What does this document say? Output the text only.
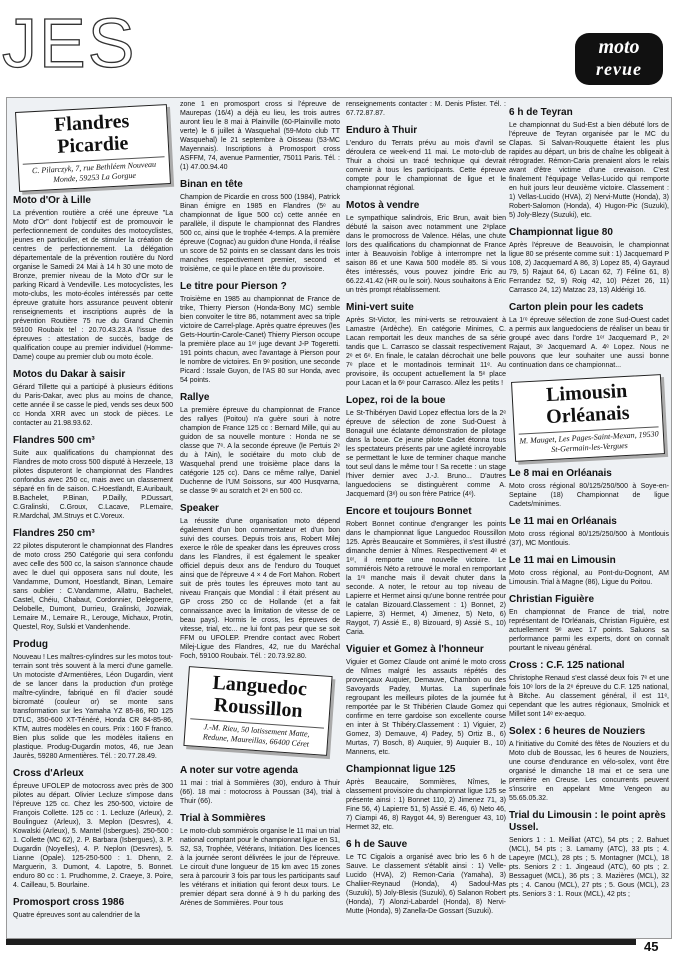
JES	moto
revue
Flandres
Picardie
C. Pilarczyk, 7, rue Bethléem Nouveau Monde, 59253 La Gorgue
Moto d'Or à Lille
La prévention routière a créé une épreuve "La Moto d'Or" dont l'objectif est de promouvoir le perfectionnement de conduites des motocyclistes, jeunes en particulier, et de stimuler la création de centres de perfectionnement. La délégation départementale de la prévention routière du Nord organise le Samedi 24 Mai à 14 h 30 une moto de Bronze, premier niveau de la Moto d'Or sur le parking Ricard à Vendeville. Les motocyclistes, les moto-clubs, les moto-écoles intéressés par cette épreuve gratuite hors assurance peuvent obtenir renseignements et inscriptions auprès de la prévention Routière 75 rue du Grand Chemin 59100 Roubaix tel : 20.70.43.23.A l'issue des épreuves : attestation de succès, badge de qualification coupe au premier individuel (Homme-Dame) coupe au premier club ou moto école.
Motos du Dakar à saisir
Gérard Tillette qui a participé à plusieurs éditions du Paris-Dakar, avec plus au moins de chance, cette année il se casse le pied, vends ses deux 500 cc Honda XRR avec un stock de pièces. Le contacter au 21.98.93.62.
Flandres 500 cm³
Suite aux qualifications du championnat des Flandres de moto cross 500 disputé à Herzeele, 13 pilotes disputeront le championnat des Flandres confondus avec 250 cc, mais avec un classement séparé en fin de saison. C.Hoestlandt, E.Auribault, B.Bachelet, P.Binan, P.Dailly, P.Dussart, C.Gralinski, C.Groux, C.Lacave, P.Lemaire, R.Mardchal, JM.Struys et C.Voreux.
Flandres 250 cm³
22 pilotes disputeront le championnat des Flandres de moto cross 250 Catégorie qui sera confondu avec celle des 500 cc, la saison s'annonce chaude avec le duel qui opposera sans nul doute, les Vandamme, Dumont, Hoestlandt, Binan, Lemaire sans oublier : C.Vandamme, Allatru, Bachelet, Castel, Chéiu, Chabaut, Cordonnier, Delegoerre, Delobelle, Dumont, Durrieu, Gralinski, Jozwiak, Lemaire M., Lemaire R., Lerouge, Michaux, Protin, Questel, Roy, Sulski et Vandenhende.
Produg
Nouveau ! Les maîtres-cylindres sur les motos tout-terrain sont très souvent à la merci d'une gamelle. Un motociste d'Armentières, Léon Dugardin, vient de se lancer dans la production d'un protège maître-cylindre, fabriqué en fil d'acier soudé bicromaté (couleur or) se monte sans transformation sur les Yamaha YZ 85-86, RD 125 DTLC, 350-600 XT-Ténéré, Honda CR 84-85-86, KTM, autres modèles en cours. Prix : 160 F franco. Bien plus solide que les modèles italiens en plastique. Produg-Dugardin motos, 46, rue Jean Jaurès, 59280 Armentières. Tél. : 20.77.28.49.
Cross d'Arleux
Épreuve UFOLEP de motocross avec près de 300 pilotes au départ. Olivier Lecluze s'impose dans l'épreuve 125 cc. Chez les 250-500, victoire de François Collette. 125 cc : 1. Lecluze (Arleux), 2. Boulinguez (Arleux), 3. Meplon (Desvres), 4. Kowalski (Arleux), 5. Mantel (Isbergues). 250-500 : 1. Collette (MC 62), 2. P. Barbara (Isbergues), 3. P. Dugardin (Noyelles), 4. P. Neplon (Desvres), 5. Lianne (Opale). 125-250-500 : 1. Dhenn, 2. Marguerin, 3. Dumont, 4. Lapotre, 5. Bonnet. enduro 80 cc : 1. Prudhomme, 2. Craeye, 3. Poire, 4. Cailleau, 5. Bourlaine.
Promosport cross 1986
Quatre épreuves sont au calendrier de la
zone 1 en promosport cross si l'épreuve de Maurepas (16/4) a déjà eu lieu, les trois autres auront lieu le 8 mai à Plainville (60-Plainville moto verte) le 6 juillet à Wasquehal (59-Moto club TT Wasquehal) le 21 septembre à Oisseau (53-MC Mayennais). Inscriptions à Promosport cross ASFFM, 74, avenue Parmentier, 75011 Paris. Tél. : (1) 47.00.94.40
Binan en tête
Champion de Picardie en cross 500 (1984), Patrick Binan émigre en 1985 en Flandres (5ᵉ au championnat de ligue 500 cc) cette année en parallèle, il dispute le championnat des Flandres 500 cc, ainsi que le trophée 4-temps. A la première épreuve (Cognac) au guidon d'une Honda, il réalise un score de 52 points en se classant dans les trois manches respectivement premier, second et troisième, ce qui le place en tête du provisoire.
Le titre pour Pierson ?
Troisième en 1985 au championnat de France de trike, Thierry Pierson (Honda-Bony MC) semble bien convoiter le titre 86, notamment avec sa triple victoire de Carrel-plage. Après quatre épreuves (les Gets-Hourtin-Carole-Canet) Thierry Pierson occupe la première place au 1ᵉʳ juge devant J-P Togeretti. 191 points chacun, avec l'avantage à Pierson pour le nombre de victoires. En 9ᵉ position, une seconde Picard : Issale Guyon, de l'AS 80 sur Honda, avec 54 points.
Rallye
La première épreuve du championnat de France des rallyes (Poitou) n'a guère souri à notre champion de France 125 cc : Bernard Mille, qui au guidon de sa nouvelle monture : Honda ne se classe que 7ᵉ. A la seconde épreuve (le Pertuis 2ᵉ du à l'Ain), le sociétaire du moto club de Wasquehal prend une troisième place dans la catégorie 125 cc). Dans ce même rallye, Daniel Duchenne de l'UM Soissons, sur 400 Husqvarna, se classe 9ᵉ au scratch et 2ᵉ en 500 cc.
Speaker
La réussite d'une organisation moto dépend également d'un bon commentateur et d'un bon suivi des courses. Depuis trois ans, Robert Milej exerce le rôle de speaker dans les épreuves cross dans les Flandres, il est également le speaker officiel depuis deux ans de l'enduro du Touquet ainsi que de l'épreuve 4 × 4 de Fort Mahon. Robert suit de près toutes les épreuves moto tant au niveau Français que Mondial : il était présent au GP cross 250 cc de Hollande (et a fait connaissance avec la limitation de vitesse de ce beau pays). Hormis le cross, les épreuves de vitesse, trial, etc... ne lui font pas peur que se soit FFM ou UFOLEP. Prendre contact avec Robert Milej-Ligue des Flandres, 42, rue du Maréchal Foch, 59100 Roubaix. Tél. : 20.73.92.80.
Languedoc
Roussillon
J.-M. Rieu, 50 lotissement Matte, Redune, Maureillas, 66400 Céret
A noter sur votre agenda
11 mai : trial à Sommières (30), enduro à Thuir (66). 18 mai : motocross à Poussan (34), trial à Thuir (66).
Trial à Sommières
Le moto-club sommiérois organise le 11 mai un trial national comptant pour le championnat ligue en S1, S2, S3, Trophée, Vétérans, Initiation. Des licences à la journée seront délivrées le jour de l'épreuve. Le circuit d'une longueur de 15 km avec 15 zones sera à parcourir 3 fois par tous les participants sauf les vétérans et initiation qui feront deux tours. Le premier départ sera donné à 9 h du parking des Arènes de Sommières. Pour tous
renseignements contacter : M. Denis Pfister. Tél. : 67.72.87.87.
Enduro à Thuir
L'enduro du Terrats prévu au mois d'avril se déroulera ce week-end 11 mai. Le moto-club de Thuir a choisi un tracé technique qui devrait convenir à tous les participants. Cette épreuve compte pour le championnat de ligue et le championnat régional.
Motos à vendre
Le sympathique salindrois, Eric Brun, avait bien débuté la saison avec notamment une 2ᵉplace dans le promocross de Valence. Hélas, une chute lors des qualifications du championnat de France inter à Beauvoisin l'oblige à interrompre net la saison 86 et une Kawa 500 modèle 85. Si vous êtes intéressés, vous pouvez joindre Eric au 66.22.41.42 (HR ou le soir). Nous souhaitons à Eric un très prompt rétablissement.
Mini-vert suite
Après St-Victor, les mini-verts se retrouvaient à Lamastre (Ardèche). En catégorie Minimes, C. Lacan remportait les deux manches de sa série tandis que L. Carrasco se classait respectivement 2ᵉ et 6ᵉ. En finale, le catalan décrochait une belle 7ᵉ place et le montadinois terminait 11ᵉ. Au provisoire, ils occupent actuellement la 5ᵉ place pour Lacan et la 6ᵉ pour Carrasco. Allez les petits !
Lopez, roi de la boue
Le St-Thibéryen David Lopez effectua lors de la 2ᵉ épreuve de sélection de zone Sud-Ouest à Bonaguil une éclatante démonstration de pilotage dans la boue. Ce jeune pilote Cadet étonna tous les spectateurs présents par une agileté incroyable se permettant le luxe de terminer chaque manche tout seul dans le même tour ! Sa recette : un stage l'hiver dernier avec J.-J. Bruno... D'autres languedociens se distinguèrent comme A. Jacquemard (3ᵉ) ou son frère Patrice (4ᵉ).
Encore et toujours Bonnet
Robert Bonnet continue d'engranger les points dans le championnat ligue Languedoc Roussillon 125. Après Beaucaire et Sommières, il s'est illustré dimanche dernier à Nîmes. Respectivement 4ᵉ et 1ᵉʳ, il remporte une nouvelle victoire. Le sommiérois Néto a retrouvé le moral en remportant la 1ʳᵉ manche mais il devait chuter dans la seconde. A noter, le retour au top niveau de Lapierre et Hermet ainsi qu'une bonne rentrée pour le catalan Bizouard.Classement : 1) Bonnet, 2) Lapierre, 3) Hermet, 4) Jimenez, 5) Neto, 6) Raygot, 7) Assié E., 8) Bizouard, 9) Assié S., 10) Caria.
Viguier et Gomez à l'honneur
Viguier et Gomez Claude ont animé le moto cross de Nîmes malgré les assauts répétés des provençaux Auquier, Demauve, Chambon ou des Savoyards Padey, Murtas. La superfinale regroupant les meilleurs pilotes de la journée fut remportée par le St Thibérien Claude Gomez qui confirme en terre gardoise son excellente course en inter à St Thibéry.Classement : 1) Viguier, 2) Gomez, 3) Demauve, 4) Padey, 5) Ortiz B., 6) Murtas, 7) Bosch, 8) Auquier, 9) Auquier B., 10) Mannens, etc.
Championnat ligue 125
Après Beaucaire, Sommières, Nîmes, le classement provisoire du championnat ligue 125 se présente ainsi : 1) Bonnet 110, 2) Jimenez 71, 3) Fine 56, 4) Lapierre 51, 5) Assié E. 46, 6) Neto 46, 7) Ciampi 46, 8) Raygot 44, 9) Berenguer 43, 10) Hermet 32, etc.
6 h de Sauve
Le TC Cigalois a organisé avec brio les 6 h de Sauve. Le classement s'établit ainsi : 1) Velle-Lucido (HVA), 2) Remon-Caria (Yamaha), 3) Chaliier-Reynaud (Honda), 4) Sadoul-Mas (Suzuki), 5) Joly-Blesis (Suzuki), 6) Salanon Robert (Honda), 7) Alonzi-Labardel (Honda), 8) Nervi-Mutte (Honda), 9) Zanella-De Gossart (Suzuki).
6 h de Teyran
Le championnat du Sud-Est a bien débuté lors de l'épreuve de Teyran organisée par le MC du Clapas. Si Salvan-Rouquette étaient les plus rapides au départ, un bris de chaîne les obligeait à rétrograder. Rémon-Caria prenaient alors le relais avant d'être victime d'une crevaison. C'est finalement l'équipage Vellas-Lucido qui remporte en huit jours leur deuxième victoire. Classement : 1) Vellas-Lucido (HVA), 2) Nervi-Mutte (Honda), 3) Robert-Salomon (Honda), 4) Hugon-Pic (Suzuki), 5) Joly-Blezy (Suzuki), etc.
Championnat ligue 80
Après l'épreuve de Beauvoisin, le championnat ligue 80 se présente comme suit : 1) Jacquemard P 108, 2) Jacquemard A 86, 3) Lopez 85, 4) Gayraud 79, 5) Rajaut 64, 6) Lacan 62, 7) Féline 61, 8) Ferrandez 52, 9) Roig 42, 10) Pézet 26, 11) Carrasco 24, 12) Matzac 23, 13) Aldérigi 16.
Carton plein pour les cadets
La 1ʳᵉ épreuve sélection de zone Sud-Ouest cadet a permis aux languedociens de réaliser un beau tir groupé avec dans l'ordre 1ᵉʳ Jacquemard P., 2ᵉ Rajaut, 3ᵉ Jacquemard A. 4ᵉ Lopez. Nous ne pouvons que leur souhaiter une aussi bonne continuation dans ce championnat...
Limousin
Orléanais
M. Mauget, Les Pages-Saint-Mexan, 19530 St-Germain-les-Vergues
Le 8 mai en Orléanais
Moto cross régional 80/125/250/500 à Soye-en-Septaine (18) Championnat de ligue Cadets/minimes.
Le 11 mai en Orléanais
Moto cross régional 80/125/250/500 à Montlouis (37), MC Montlouis.
Le 11 mai en Limousin
Moto cross régional, au Pont-du-Dognont, AM Limousin. Trial à Magne (86), Ligue du Poitou.
Christian Figuière
En championnat de France de trial, notre représentant de l'Orléanais, Christian Figuière, est actuellement 9ᵉ avec 17 points. Saluons sa performance parmi les experts, dont on connaît pourtant le niveau général.
Cross : C.F. 125 national
Christophe Renaud s'est classé deux fois 7ᵉ et une fois 10ᵉ lors de la 2ᵉ épreuve du C.F. 125 national, à Bitche. Au classement général, il est 11ᵉ, cependant que les autres régionaux, Smolnick et Millet sont 14ᵉ ex-aequo.
Solex : 6 heures de Nouziers
A l'initiative du Comité des fêtes de Nouziers et du Moto club de Boussac, les 6 heures de Nouziers, une course d'endurance en vélo-solex, vont être organisé le dimanche 18 mai et ce sera une première en Creuse. Les concurrents peuvent s'inscrire en appelant Mme Vengeon au 55.65.05.32.
Trial du Limousin : le point après Ussel.
Seniors 1 : 1. Meilliat (ATC), 54 pts ; 2. Bahuet (MCL), 54 pts ; 3. Lamamy (ATC), 33 pts ; 4. Lapeyre (MCL), 28 pts ; 5. Montagner (MCL), 18 pts. Seniors 2 : 1. Jingeaud (ATC), 60 pts ; 2. Bessaguet (MCL), 36 pts ; 3. Mazières (MCL), 32 pts ; 4. Canou (MCL), 27 pts ; 5. Gous (MCL), 23 pts. Seniors 3 : 1. Roux (MCL), 42 pts ;
45
